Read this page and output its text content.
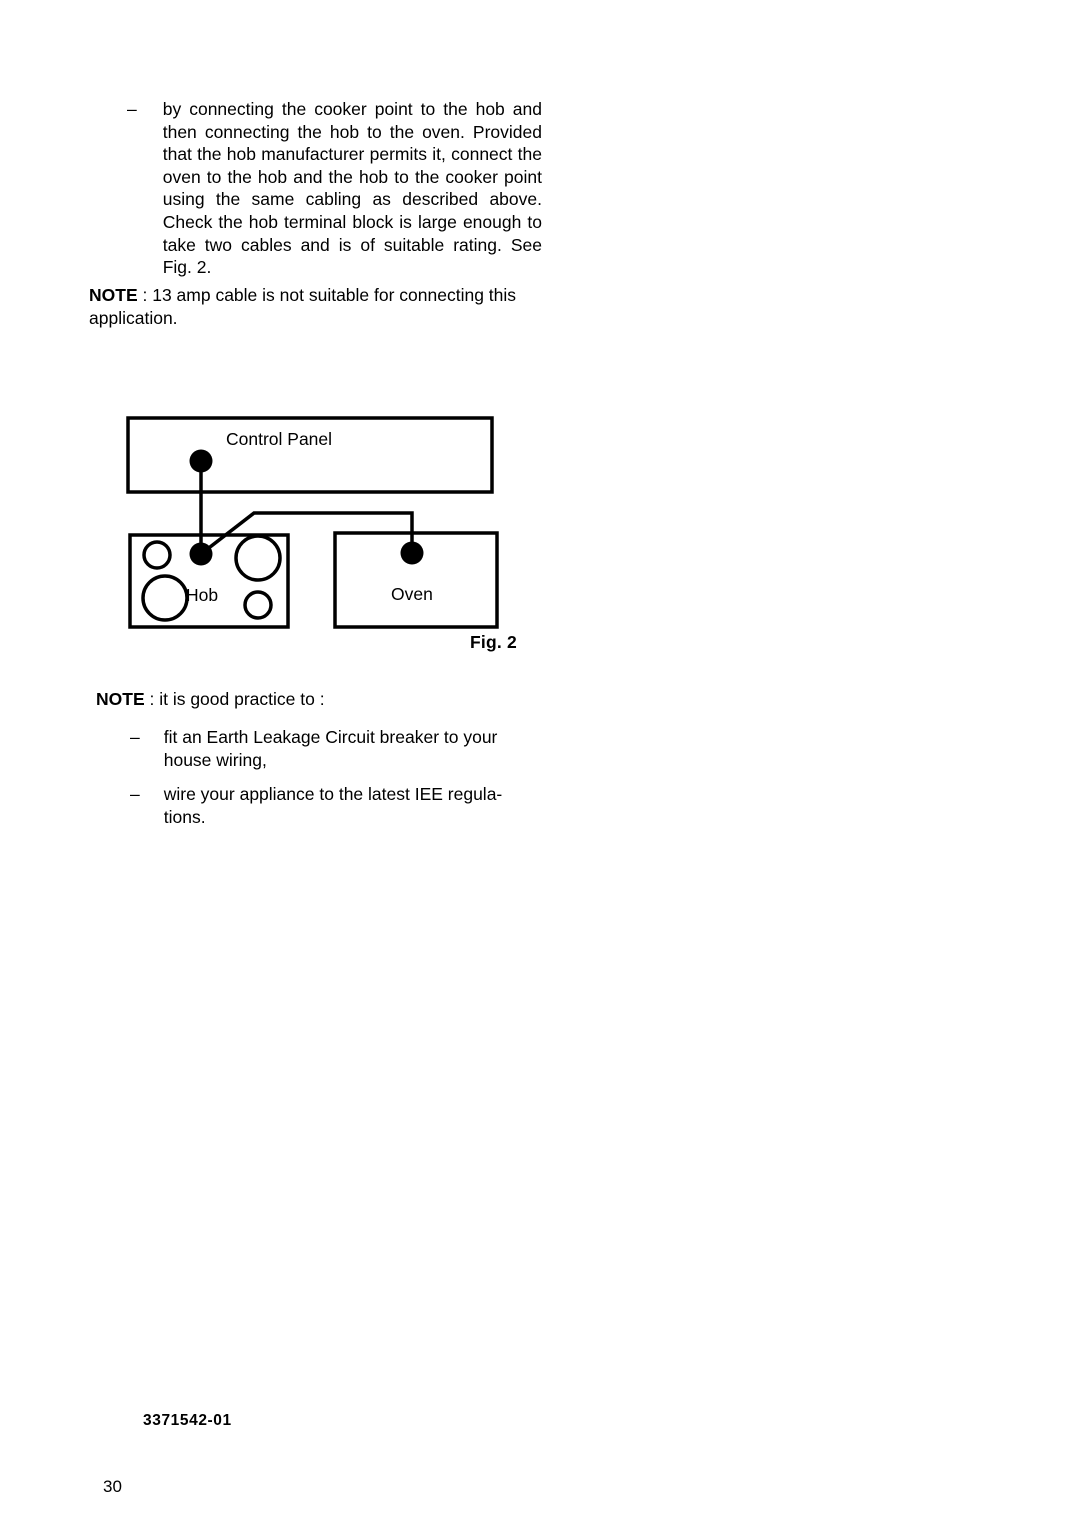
– by connecting the cooker point to the hob and then connecting the hob to the oven. Provided that the hob manufacturer permits it, connect the oven to the hob and the hob to the cooker point using the same cabling as described above. Check the hob terminal block is large enough to take two cables and is of suitable rating. See Fig. 2.
NOTE : 13 amp cable is not suitable for connecting this application.
Control Panel
Hob	Oven
Fig. 2
NOTE : it is good practice to :
– fit an Earth Leakage Circuit breaker to your house wiring,
– wire your appliance to the latest IEE regula-tions.
3371542-01
30
